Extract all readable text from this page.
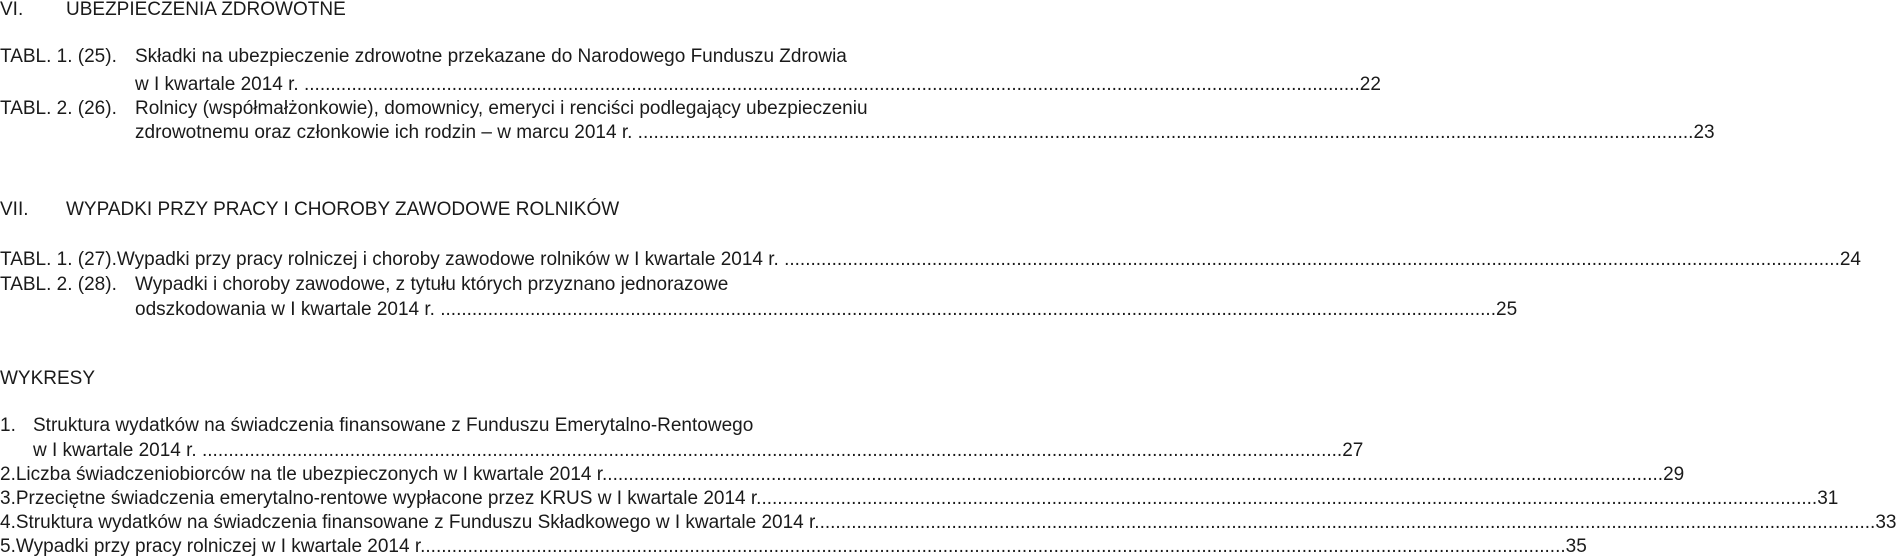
VI.	UBEZPIECZENIA ZDROWOTNE
TABL. 1. (25). Składki na ubezpieczenie zdrowotne przekazane do Narodowego Funduszu Zdrowia
w I kwartale 2014 r. ........................................................................................................................................................................................................ 22
TABL. 2. (26). Rolnicy (współmałżonkowie), domownicy, emeryci i renciści podlegający ubezpieczeniu
zdrowotnemu oraz członkowie ich rodzin – w marcu 2014 r. ........................................................................................................................................................................................................ 23
VII.	WYPADKI PRZY PRACY I CHOROBY ZAWODOWE ROLNIKÓW
TABL. 1. (27). Wypadki przy pracy rolniczej i choroby zawodowe rolników w I kwartale 2014 r. ........................................................................................................................................................................................................ 24
TABL. 2. (28). Wypadki i choroby zawodowe, z tytułu których przyznano jednorazowe
odszkodowania w I kwartale 2014 r. ........................................................................................................................................................................................................ 25
WYKRESY
1. Struktura wydatków na świadczenia finansowane z Funduszu Emerytalno-Rentowego
w I kwartale 2014 r. ........................................................................................................................................................................................................................ 27
2. Liczba świadczeniobiorców na tle ubezpieczonych w I kwartale 2014 r. ........................................................................................................................................................................................................ 29
3. Przeciętne świadczenia emerytalno-rentowe wypłacone przez KRUS w I kwartale 2014 r. ........................................................................................................................................................................................................ 31
4. Struktura wydatków na świadczenia finansowane z Funduszu Składkowego w I kwartale 2014 r. ........................................................................................................................................................................................................ 33
5. Wypadki przy pracy rolniczej w I kwartale 2014 r. ........................................................................................................................................................................................................................ 35
